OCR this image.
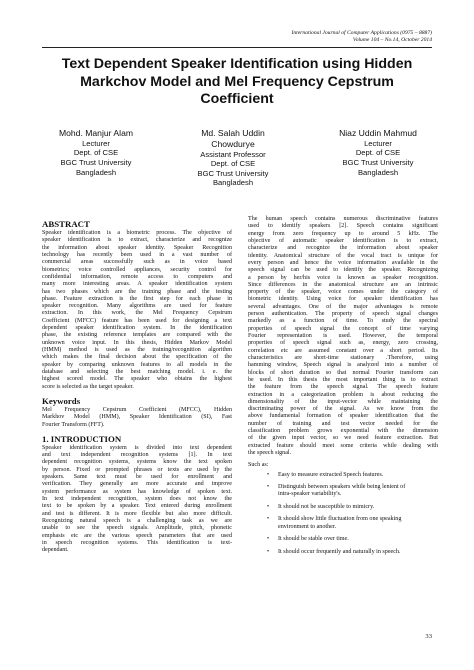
International Journal of Computer Applications (0975 – 8887)
Volume 104 – No.14, October 2014
Text Dependent Speaker Identification using Hidden
Markchov Model and Mel Frequency Cepstrum
Coefficient
Mohd. Manjur Alam
Lecturer
Dept. of CSE
BGC Trust University
Bangladesh
Md. Salah Uddin
Chowdurye
Assistant Professor
Dept. of CSE
BGC Trust University
Bangladesh
Niaz Uddin Mahmud
Lecturer
Dept. of CSE
BGC Trust University
Bangladesh

ABSTRACT

Speaker identification is a biometric process. The objective of
speaker identification is to extract, characterize and recognize
the information about speaker identity. Speaker Recognition
technology has recently been used in a vast number of
commercial areas successfully such as in voice based
biometrics; voice controlled appliances, security control for
confidential information, remote access to computers and
many more interesting areas. A speaker identification system
has two phases which are the training phase and the testing
phase. Feature extraction is the first step for each phase in
speaker recognition. Many algorithms are used for feature
extraction. In this work, the Mel Frequency Cepstrum
Coefficient (MFCC) feature has been used for designing a text
dependent speaker identification system. In the identification
phase, the existing reference templates are compared with the
unknown voice input. In this thesis, Hidden Markov Model
(HMM) method is used as the training/recognition algorithm
which makes the final decision about the specification of the
speaker by comparing unknown features to all models in the
database and selecting the best matching model. i. e. the
highest scored model. The speaker who obtains the highest
score is selected as the target speaker.

Keywords

Mel Frequency Cepstrum Coefficient (MFCC), Hidden
Markhov Model (HMM), Speaker Identification (SI), Fast
Fourier Transform (FFT).

1. INTRODUCTION

Speaker identification system is divided into text dependent
and text independent recognition systems [1]. In text
dependent recognition systems, systems know the text spoken
by person. Fixed or prompted phrases or texts are used by the
speakers. Same text must be used for enrollment and
verification. They generally are more accurate and improve
system performance as system has knowledge of spoken text.
In text independent recognition, system does not know the
text to be spoken by a speaker. Text entered during enrollment
and test is different. It is more flexible but also more difficult.
Recognizing natural speech is a challenging task as we are
unable to see the speech signals. Amplitude, pitch, phonetic
emphasis etc are the various speech parameters that are used
in speech recognition systems. This identification is text-
dependant.
The human speech contains numerous discriminative features
used to identify speakers [2]. Speech contains significant
energy from zero frequency up to around 5 kHz. The
objective of automatic speaker identification is to extract,
characterize and recognize the information about speaker
identity. Anatomical structure of the vocal tract is unique for
every person and hence the voice information available in the
speech signal can be used to identify the speaker. Recognizing
a person by her/his voice is known as speaker recognition.
Since differences in the anatomical structure are an intrinsic
property of the speaker, voice comes under the category of
biometric identity. Using voice for speaker identification has
several advantages. One of the major advantages is remote
person authentication. The property of speech signal changes
markedly as a function of time. To study the spectral
properties of speech signal the concept of time varying
Fourier representation is used. However, the temporal
properties of speech signal such as, energy, zero crossing,
correlation etc are assumed constant over a short period. Its
characteristics are short-time stationary .Therefore, using
hamming window, Speech signal is analyzed into a number of
blocks of short duration so that normal Fourier transform can
be used. In this thesis the most important thing is to extract
the feature from the speech signal. The speech feature
extraction in a categorization problem is about reducing the
dimensionality of the input-vector while maintaining the
discriminating power of the signal. As we know from the
above fundamental formation of speaker identification that the
number of training and test vector needed for the
classification problem grows exponential with the dimension
of the given input vector, so we need feature extraction. But
extracted feature should meet some criteria while dealing with
the speech signal.

Such as:

• Easy to measure extracted Speech features.
• Distinguish between speakers while being lenient of
intra-speaker variability's.
• It should not be susceptible to mimicry.
• It should show little fluctuation from one speaking
environment to another.
• It should be stable over time.
• It should occur frequently and naturally in speech.
33
